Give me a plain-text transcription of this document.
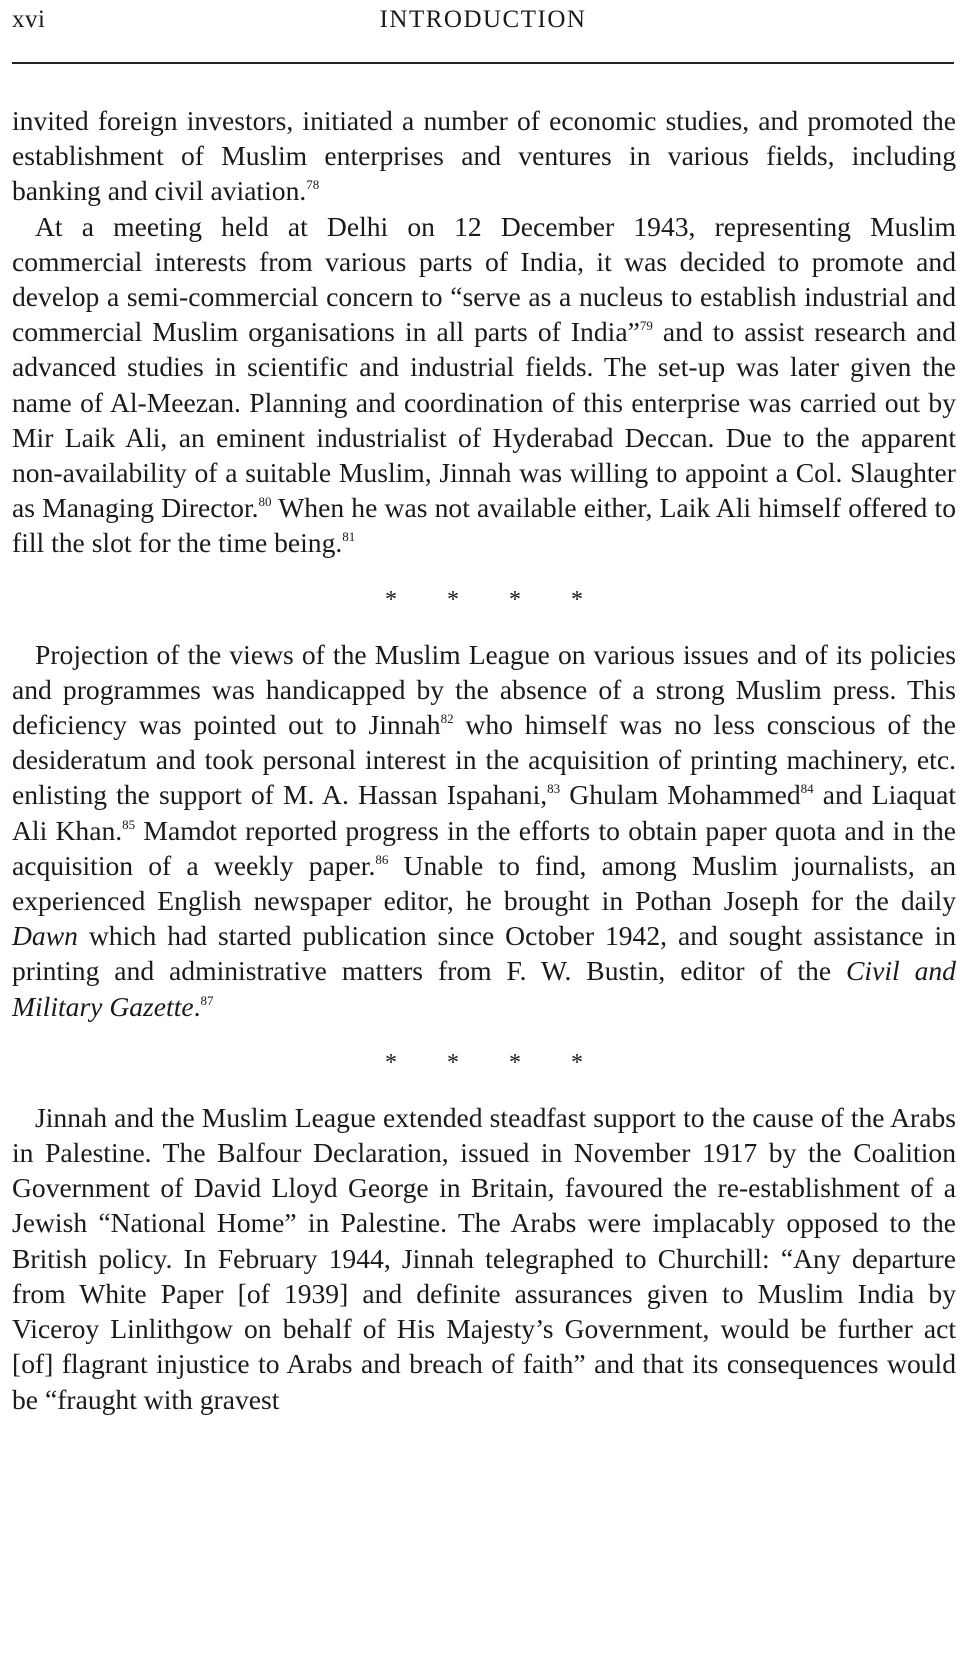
xvi	INTRODUCTION

invited foreign investors, initiated a number of economic studies, and promoted the establishment of Muslim enterprises and ventures in various fields, including banking and civil aviation.$^{78}$

At a meeting held at Delhi on 12 December 1943, representing Muslim commercial interests from various parts of India, it was decided to promote and develop a semi-commercial concern to “serve as a nucleus to establish industrial and commercial Muslim organisations in all parts of India”$^{79}$ and to assist research and advanced studies in scientific and industrial fields. The set-up was later given the name of Al-Meezan. Planning and coordination of this enterprise was carried out by Mir Laik Ali, an eminent industrialist of Hyderabad Deccan. Due to the apparent non-availability of a suitable Muslim, Jinnah was willing to appoint a Col. Slaughter as Managing Director.$^{80}$ When he was not available either, Laik Ali himself offered to fill the slot for the time being.$^{81}$

* * * *

Projection of the views of the Muslim League on various issues and of its policies and programmes was handicapped by the absence of a strong Muslim press. This deficiency was pointed out to Jinnah$^{82}$ who himself was no less conscious of the desideratum and took personal interest in the acquisition of printing machinery, etc. enlisting the support of M. A. Hassan Ispahani,$^{83}$ Ghulam Mohammed$^{84}$ and Liaquat Ali Khan.$^{85}$ Mamdot reported progress in the efforts to obtain paper quota and in the acquisition of a weekly paper.$^{86}$ Unable to find, among Muslim journalists, an experienced English newspaper editor, he brought in Pothan Joseph for the daily Dawn which had started publication since October 1942, and sought assistance in printing and administrative matters from F. W. Bustin, editor of the Civil and Military Gazette.$^{87}$

* * * *

Jinnah and the Muslim League extended steadfast support to the cause of the Arabs in Palestine. The Balfour Declaration, issued in November 1917 by the Coalition Government of David Lloyd George in Britain, favoured the re-establishment of a Jewish “National Home” in Palestine. The Arabs were implacably opposed to the British policy. In February 1944, Jinnah telegraphed to Churchill: “Any departure from White Paper [of 1939] and definite assurances given to Muslim India by Viceroy Linlithgow on behalf of His Majesty’s Government, would be further act [of] flagrant injustice to Arabs and breach of faith” and that its consequences would be “fraught with gravest
